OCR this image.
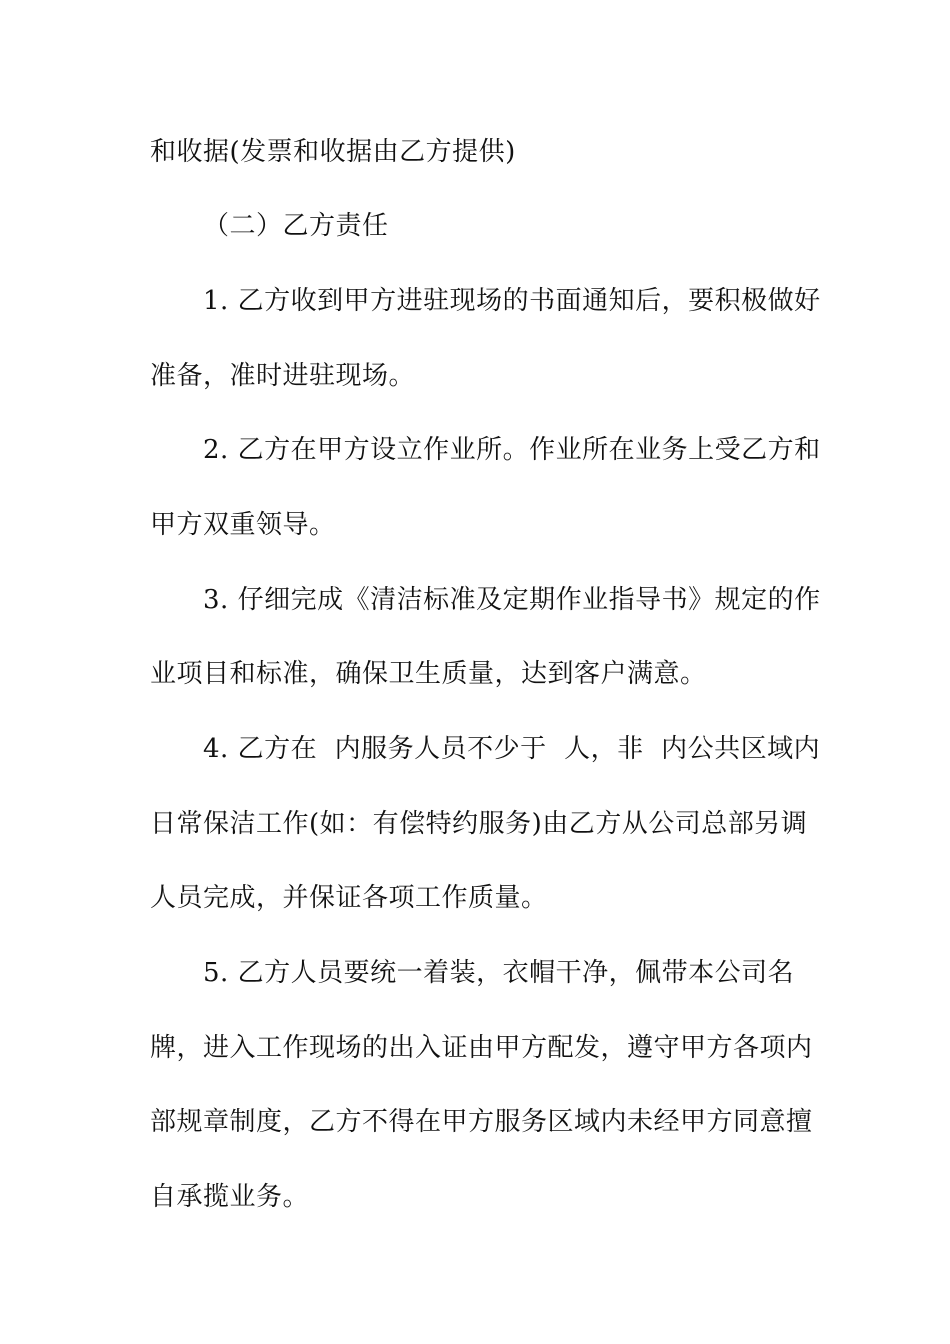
和收据(发票和收据由乙方提供)
（二）乙方责任
1. 乙方收到甲方进驻现场的书面通知后，要积极做好
准备，准时进驻现场。
2. 乙方在甲方设立作业所。作业所在业务上受乙方和
甲方双重领导。
3. 仔细完成《清洁标准及定期作业指导书》规定的作
业项目和标准，确保卫生质量，达到客户满意。
4. 乙方在  内服务人员不少于  人，非  内公共区域内
日常保洁工作(如：有偿特约服务)由乙方从公司总部另调
人员完成，并保证各项工作质量。
5. 乙方人员要统一着装，衣帽干净，佩带本公司名
牌，进入工作现场的出入证由甲方配发，遵守甲方各项内
部规章制度，乙方不得在甲方服务区域内未经甲方同意擅
自承揽业务。
